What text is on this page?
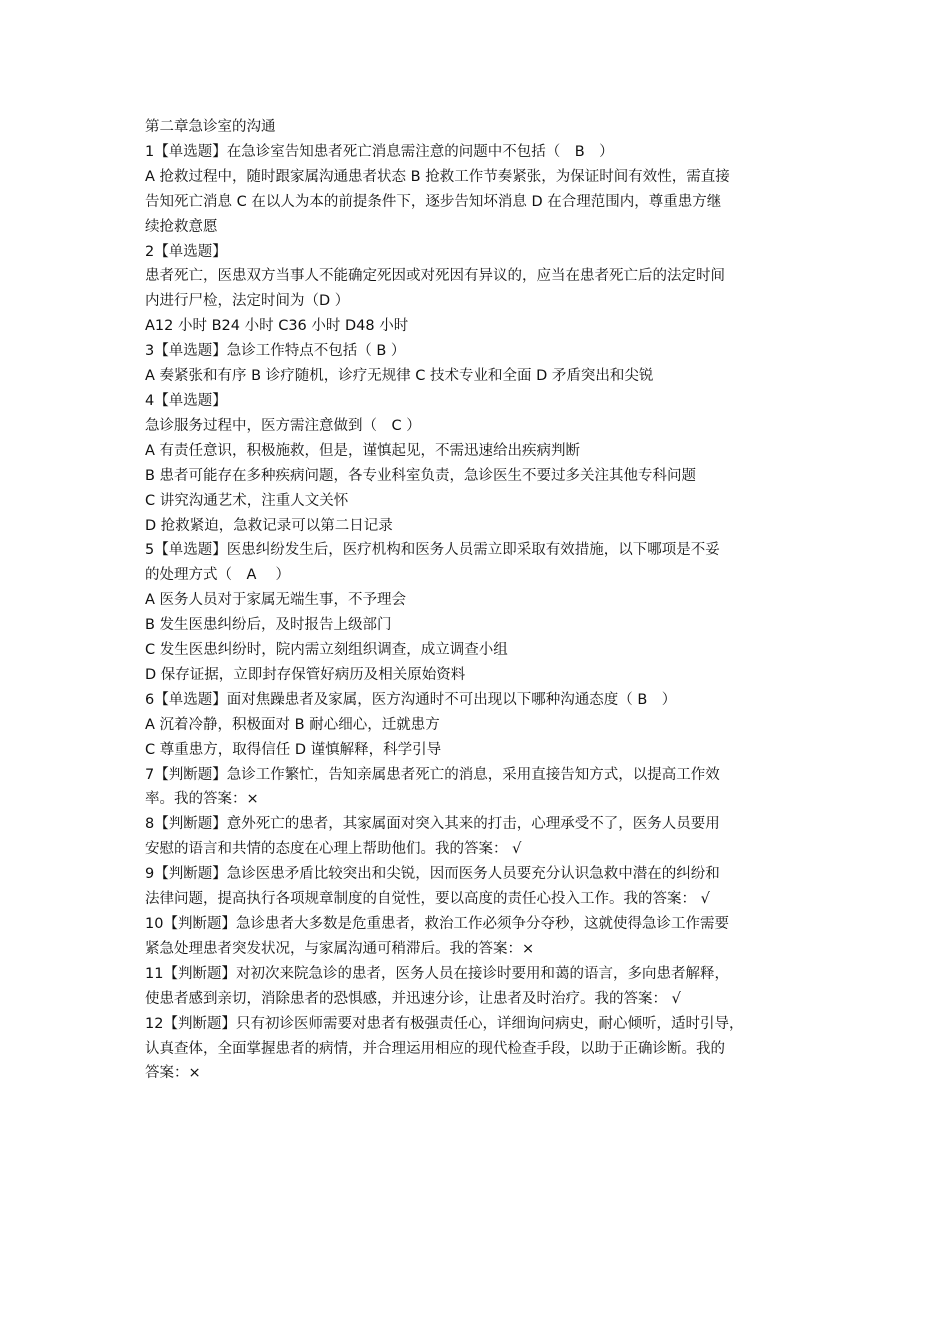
第二章急诊室的沟通
1【单选题】在急诊室告知患者死亡消息需注意的问题中不包括（　B　）
A 抢救过程中，随时跟家属沟通患者状态 B 抢救工作节奏紧张，为保证时间有效性，需直接
告知死亡消息 C 在以人为本的前提条件下，逐步告知坏消息 D 在合理范围内，尊重患方继
续抢救意愿
2【单选题】
患者死亡，医患双方当事人不能确定死因或对死因有异议的，应当在患者死亡后的法定时间
内进行尸检，法定时间为（D ）
A12 小时 B24 小时 C36 小时 D48 小时
3【单选题】急诊工作特点不包括（ B ）
A 奏紧张和有序 B 诊疗随机，诊疗无规律 C 技术专业和全面 D 矛盾突出和尖锐
4【单选题】
急诊服务过程中，医方需注意做到（　C ）
A 有责任意识，积极施救，但是，谨慎起见，不需迅速给出疾病判断
B 患者可能存在多种疾病问题，各专业科室负责，急诊医生不要过多关注其他专科问题
C 讲究沟通艺术，注重人文关怀
D 抢救紧迫，急救记录可以第二日记录
5【单选题】医患纠纷发生后，医疗机构和医务人员需立即采取有效措施，以下哪项是不妥
的处理方式（　A　 ）
A 医务人员对于家属无端生事，不予理会
B 发生医患纠纷后，及时报告上级部门
C 发生医患纠纷时，院内需立刻组织调查，成立调查小组
D 保存证据，立即封存保管好病历及相关原始资料
6【单选题】面对焦躁患者及家属，医方沟通时不可出现以下哪种沟通态度（ B　）
A 沉着冷静，积极面对 B 耐心细心，迁就患方
C 尊重患方，取得信任 D 谨慎解释，科学引导
7【判断题】急诊工作繁忙，告知亲属患者死亡的消息，采用直接告知方式，以提高工作效
率。我的答案：×
8【判断题】意外死亡的患者，其家属面对突入其来的打击，心理承受不了，医务人员要用
安慰的语言和共情的态度在心理上帮助他们。我的答案： √
9【判断题】急诊医患矛盾比较突出和尖锐，因而医务人员要充分认识急救中潜在的纠纷和
法律问题，提高执行各项规章制度的自觉性，要以高度的责任心投入工作。我的答案： √
10【判断题】急诊患者大多数是危重患者，救治工作必须争分夺秒，这就使得急诊工作需要
紧急处理患者突发状况，与家属沟通可稍滞后。我的答案：×
11【判断题】对初次来院急诊的患者，医务人员在接诊时要用和蔼的语言，多向患者解释，
使患者感到亲切，消除患者的恐惧感，并迅速分诊，让患者及时治疗。我的答案： √
12【判断题】只有初诊医师需要对患者有极强责任心，详细询问病史，耐心倾听，适时引导，
认真查体，全面掌握患者的病情，并合理运用相应的现代检查手段，以助于正确诊断。我的
答案：×
